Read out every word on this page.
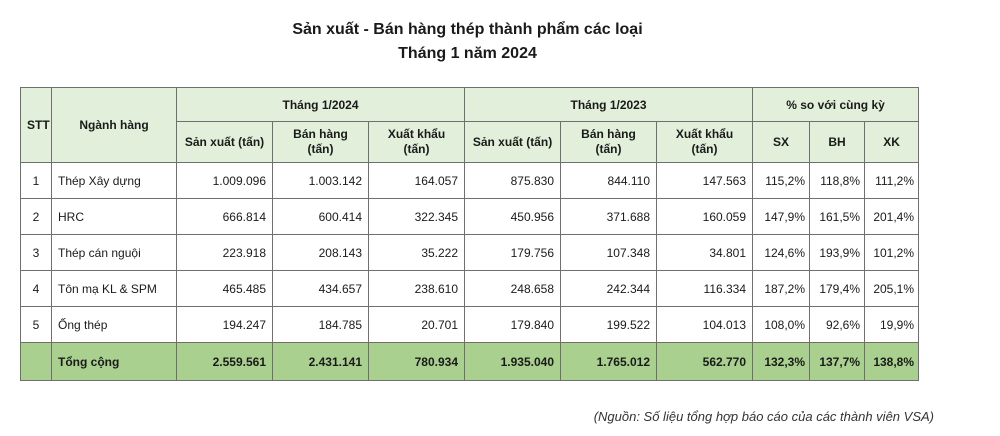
Sản xuất - Bán hàng thép thành phẩm các loại
Tháng 1 năm 2024
STT	Ngành hàng	Tháng 1/2024			Tháng 1/2023			% so với cùng kỳ		
		Sản xuất (tấn)	Bán hàng (tấn)	Xuất khẩu (tấn)	Sản xuất (tấn)	Bán hàng (tấn)	Xuất khẩu (tấn)	SX	BH	XK
1	Thép Xây dựng	1.009.096	1.003.142	164.057	875.830	844.110	147.563	115,2%	118,8%	111,2%
2	HRC	666.814	600.414	322.345	450.956	371.688	160.059	147,9%	161,5%	201,4%
3	Thép cán nguội	223.918	208.143	35.222	179.756	107.348	34.801	124,6%	193,9%	101,2%
4	Tôn mạ KL & SPM	465.485	434.657	238.610	248.658	242.344	116.334	187,2%	179,4%	205,1%
5	Ống thép	194.247	184.785	20.701	179.840	199.522	104.013	108,0%	92,6%	19,9%
	Tổng cộng	2.559.561	2.431.141	780.934	1.935.040	1.765.012	562.770	132,3%	137,7%	138,8%
(Nguồn: Số liệu tổng hợp báo cáo của các thành viên VSA)
